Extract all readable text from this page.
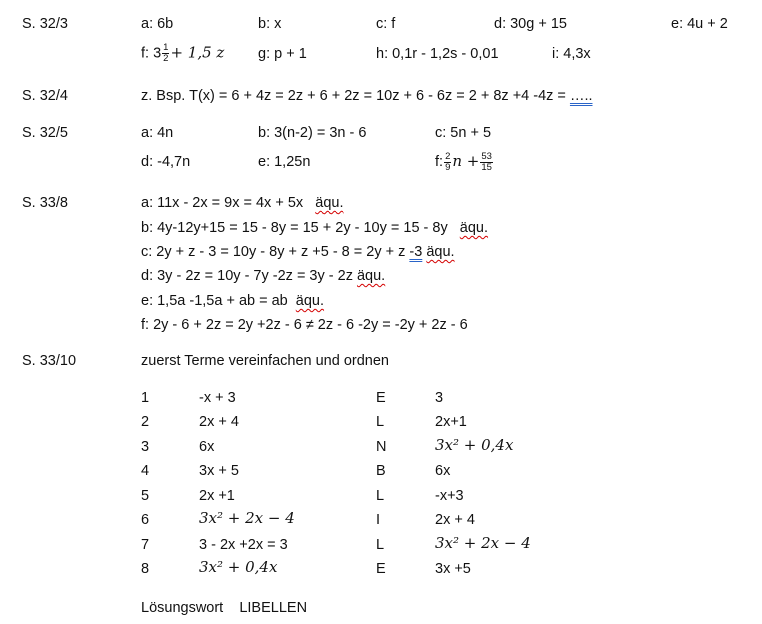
S. 32/3	a: 6b	b: x	c: f	d: 30g + 15	e: 4u + 2
f: $3 \frac{1}{2} + 1,5$ z g: p + 1	h: 0,1r - 1,2s - 0,01	i: 4,3x
S. 32/4	z. Bsp. T(x) = 6 + 4z = 2z + 6 + 2z = 10z + 6 - 6z = 2 + 8z +4 -4z = …..
S. 32/5	a: 4n	b: 3(n-2) = 3n - 6	c: 5n + 5
d: -4,7n	e: 1,25n	f: $\frac{2}{9}$ $n + \frac{53}{15}$
S. 33/8	a: 11x - 2x = 9x = 4x + 5x äqu.
b: 4y-12y+15 = 15 - 8y = 15 + 2y - 10y = 15 - 8y äqu.
c: 2y + z - 3 = 10y - 8y + z +5 - 8 = 2y + z -3 äqu.
d: 3y - 2z = 10y - 7y -2z = 3y - 2z äqu.
e: 1,5a -1,5a + ab = ab äqu.
f: 2y - 6 + 2z = 2y +2z - 6 ≠ 2z - 6 -2y = -2y + 2z - 6
S. 33/10	zuerst Terme vereinfachen und ordnen
1	-x + 3	E	3
2	2x + 4	L	2x+1
3	6x	N	3x² + 0,4x
4	3x + 5	B	6x
5	2x +1	L	-x+3
6	3x² + 2x − 4	I	2x + 4
7	3 - 2x +2x = 3	L	3x² + 2x − 4
8	3x² + 0,4x	E	3x +5
Lösungswort LIBELLEN
